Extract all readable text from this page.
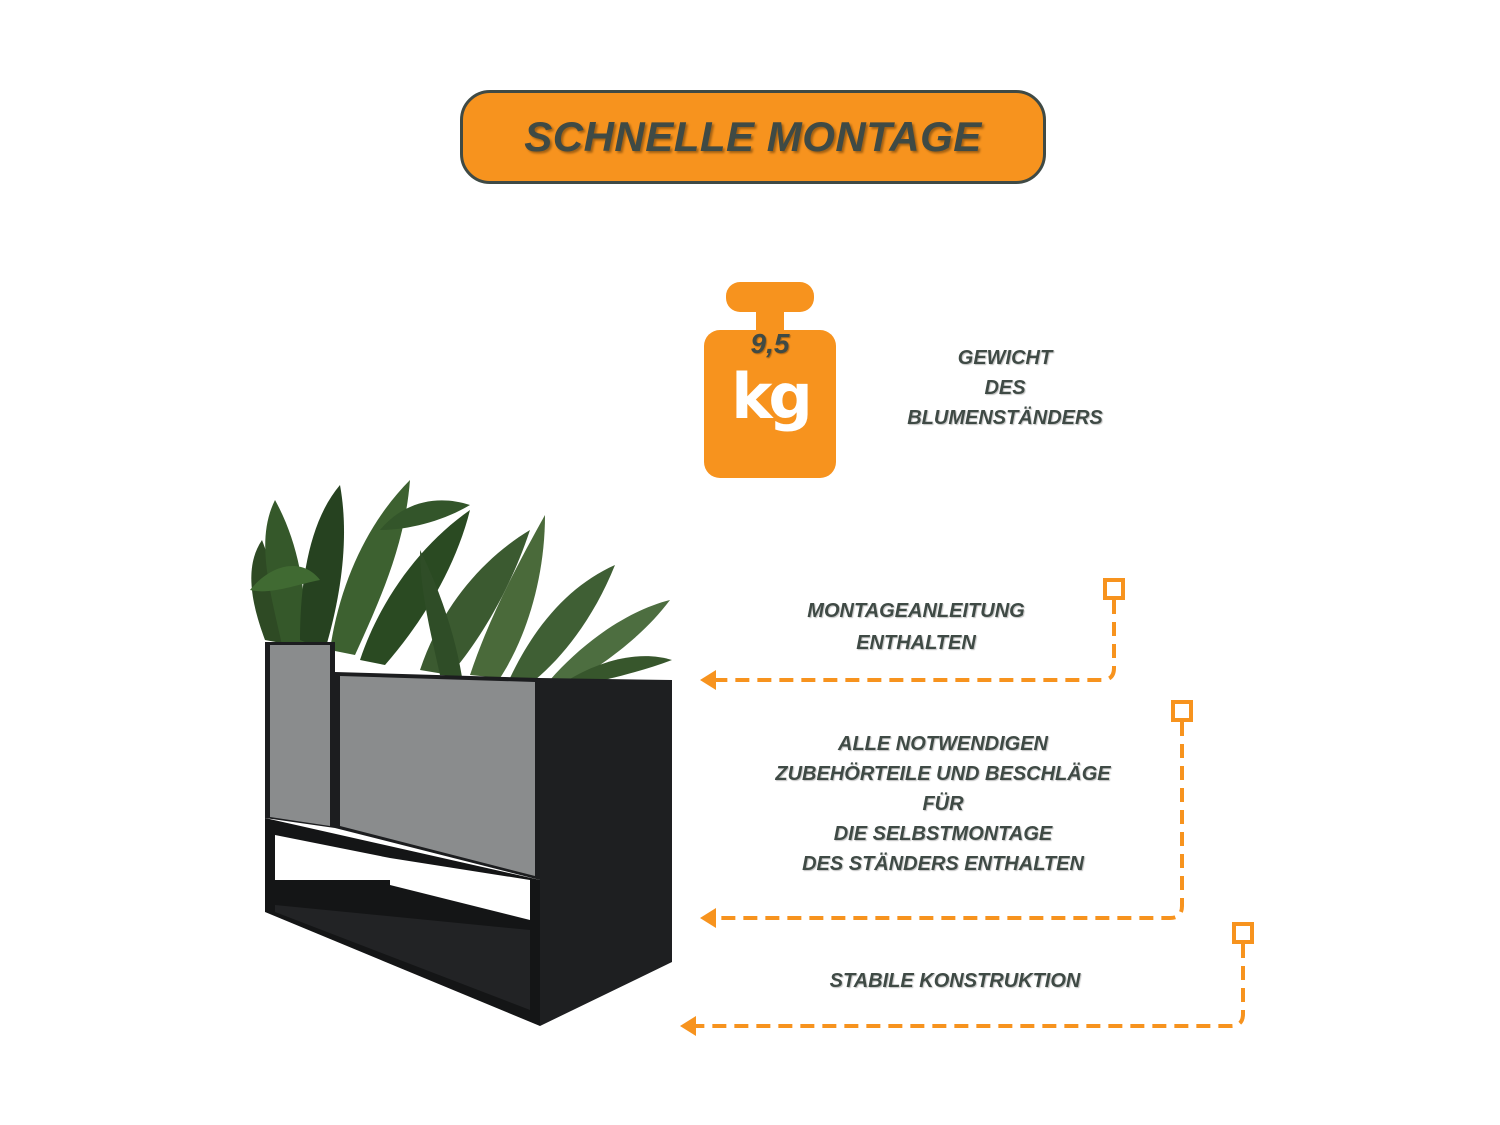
SCHNELLE MONTAGE
9,5
kg
GEWICHT
DES
BLUMENSTÄNDERS
MONTAGEANLEITUNG
ENTHALTEN
ALLE NOTWENDIGEN
ZUBEHÖRTEILE UND BESCHLÄGE
FÜR
DIE SELBSTMONTAGE
DES STÄNDERS ENTHALTEN
STABILE KONSTRUKTION
